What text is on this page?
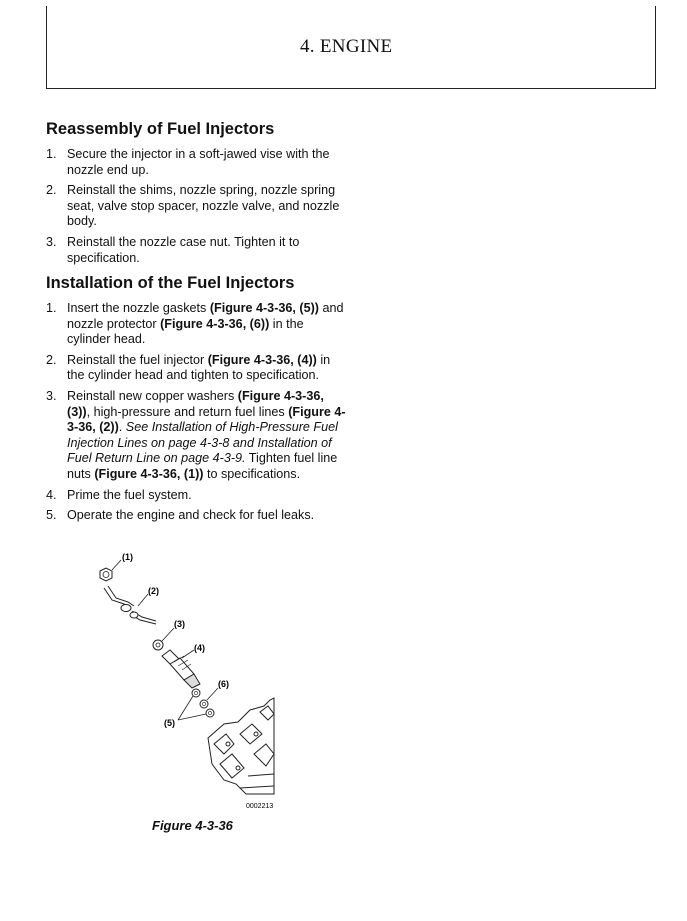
4. ENGINE
Reassembly of Fuel Injectors
1. Secure the injector in a soft-jawed vise with the nozzle end up.
2. Reinstall the shims, nozzle spring, nozzle spring seat, valve stop spacer, nozzle valve, and nozzle body.
3. Reinstall the nozzle case nut. Tighten it to specification.
Installation of the Fuel Injectors
1. Insert the nozzle gaskets (Figure 4-3-36, (5)) and nozzle protector (Figure 4-3-36, (6)) in the cylinder head.
2. Reinstall the fuel injector (Figure 4-3-36, (4)) in the cylinder head and tighten to specification.
3. Reinstall new copper washers (Figure 4-3-36, (3)), high-pressure and return fuel lines (Figure 4-3-36, (2)). See Installation of High-Pressure Fuel Injection Lines on page 4-3-8 and Installation of Fuel Return Line on page 4-3-9. Tighten fuel line nuts (Figure 4-3-36, (1)) to specifications.
4. Prime the fuel system.
5. Operate the engine and check for fuel leaks.
(1)
(2)
(3)
(4)
(6)
(5)
0002213
Figure 4-3-36
